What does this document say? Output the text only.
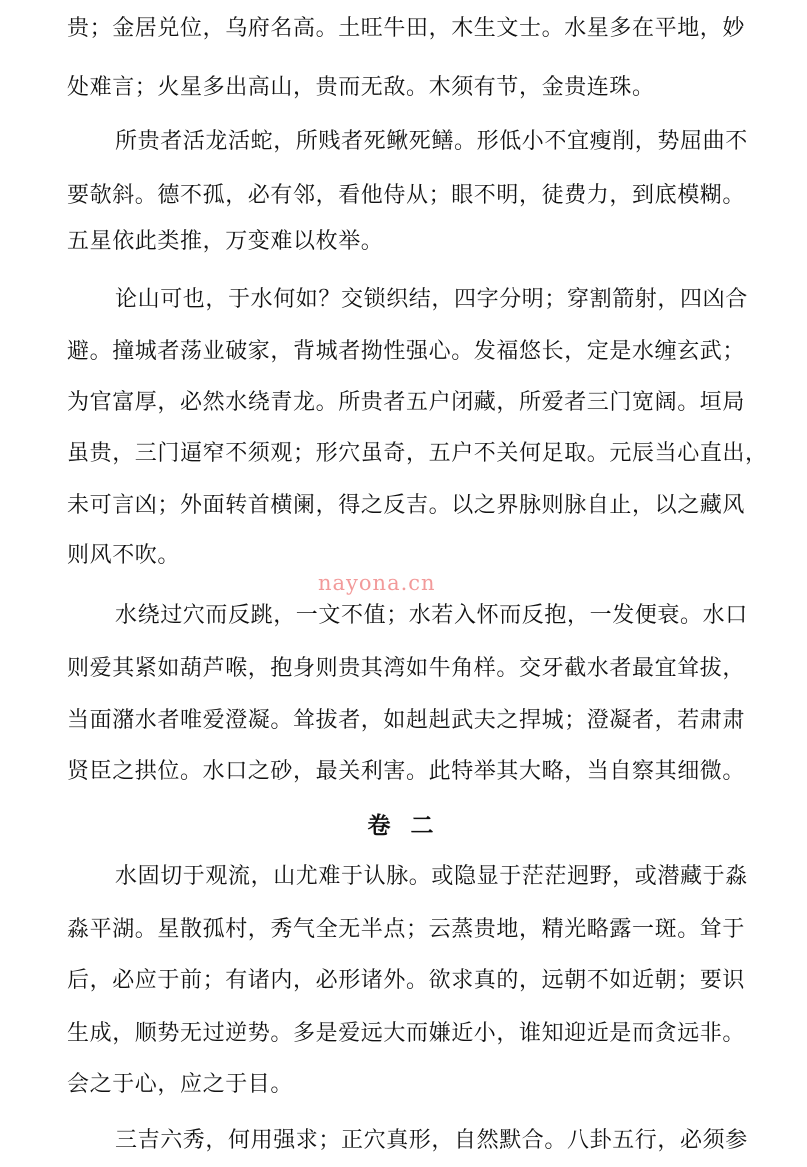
贵；金居兑位，乌府名高。土旺牛田，木生文士。水星多在平地，妙
处难言；火星多出高山，贵而无敌。木须有节，金贵连珠。
所贵者活龙活蛇，所贱者死鳅死鳝。形低小不宜瘦削，势屈曲不
要欹斜。德不孤，必有邻，看他侍从；眼不明，徒费力，到底模糊。
五星依此类推，万变难以枚举。
论山可也，于水何如？交锁织结，四字分明；穿割箭射，四凶合
避。撞城者荡业破家，背城者拗性强心。发福悠长，定是水缠玄武；
为官富厚，必然水绕青龙。所贵者五户闭藏，所爱者三门宽阔。垣局
虽贵，三门逼窄不须观；形穴虽奇，五户不关何足取。元辰当心直出，
未可言凶；外面转首横阑，得之反吉。以之界脉则脉自止，以之藏风
则风不吹。
nayona.cn
水绕过穴而反跳，一文不值；水若入怀而反抱，一发便衰。水口
则爱其紧如葫芦喉，抱身则贵其湾如牛角样。交牙截水者最宜耸拔，
当面潴水者唯爱澄凝。耸拔者，如赳赳武夫之捍城；澄凝者，若肃肃
贤臣之拱位。水口之砂，最关利害。此特举其大略，当自察其细微。
卷 二
水固切于观流，山尤难于认脉。或隐显于茫茫迥野，或潜藏于淼
淼平湖。星散孤村，秀气全无半点；云蒸贵地，精光略露一斑。耸于
后，必应于前；有诸内，必形诸外。欲求真的，远朝不如近朝；要识
生成，顺势无过逆势。多是爱远大而嫌近小，谁知迎近是而贪远非。
会之于心，应之于目。
三吉六秀，何用强求；正穴真形，自然默合。八卦五行，必须参
